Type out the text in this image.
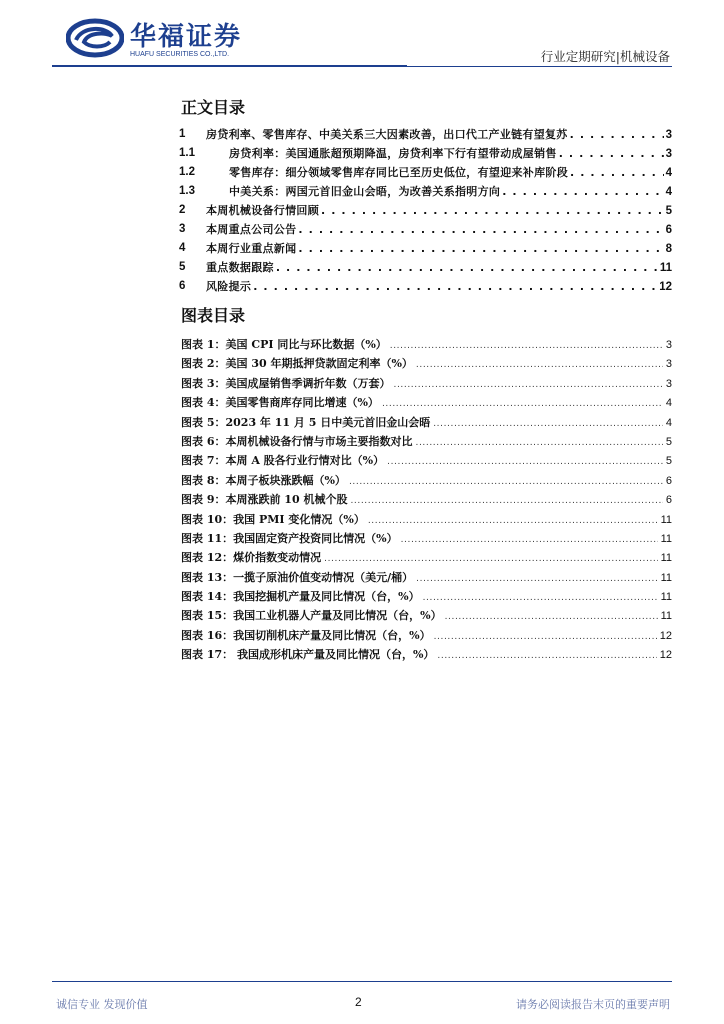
华福证券
HUAFU SECURITIES CO.,LTD.	行业定期研究|机械设备
正文目录
1 房贷利率、零售库存、中美关系三大因素改善，出口代工产业链有望复苏 . . .	3
1.1	房贷利率：美国通胀超预期降温，房贷利率下行有望带动成屋销售 . . .	3
1.2	零售库存：细分领域零售库存同比已至历史低位，有望迎来补库阶段 . . .	4
1.3	中美关系：两国元首旧金山会晤，为改善关系指明方向 . . .	4
2 本周机械设备行情回顾 . . .	5
3 本周重点公司公告 . . .	6
4 本周行业重点新闻 . . .	8
5 重点数据跟踪 . . .	11
6 风险提示 . . .	12
图表目录
图表 1：美国 CPI 同比与环比数据（%） .....	3
图表 2：美国 30 年期抵押贷款固定利率（%） .....	3
图表 3：美国成屋销售季调折年数（万套） .....	3
图表 4：美国零售商库存同比增速（%） .....	4
图表 5：2023 年 11 月 5 日中美元首旧金山会晤 .....	4
图表 6：本周机械设备行情与市场主要指数对比 .....	5
图表 7：本周 A 股各行业行情对比（%） .....	5
图表 8：本周子板块涨跌幅（%） .....	6
图表 9：本周涨跌前 10 机械个股 .....	6
图表 10：我国 PMI 变化情况（%） .....	11
图表 11：我国固定资产投资同比情况（%） .....	11
图表 12：煤价指数变动情况 .....	11
图表 13：一揽子原油价值变动情况（美元/桶） .....	11
图表 14：我国挖掘机产量及同比情况（台，%） .....	11
图表 15：我国工业机器人产量及同比情况（台，%） .....	11
图表 16：我国切削机床产量及同比情况（台，%） .....	12
图表 17： 我国成形机床产量及同比情况（台，%） .....	12
诚信专业 发现价值	2	请务必阅读报告末页的重要声明
